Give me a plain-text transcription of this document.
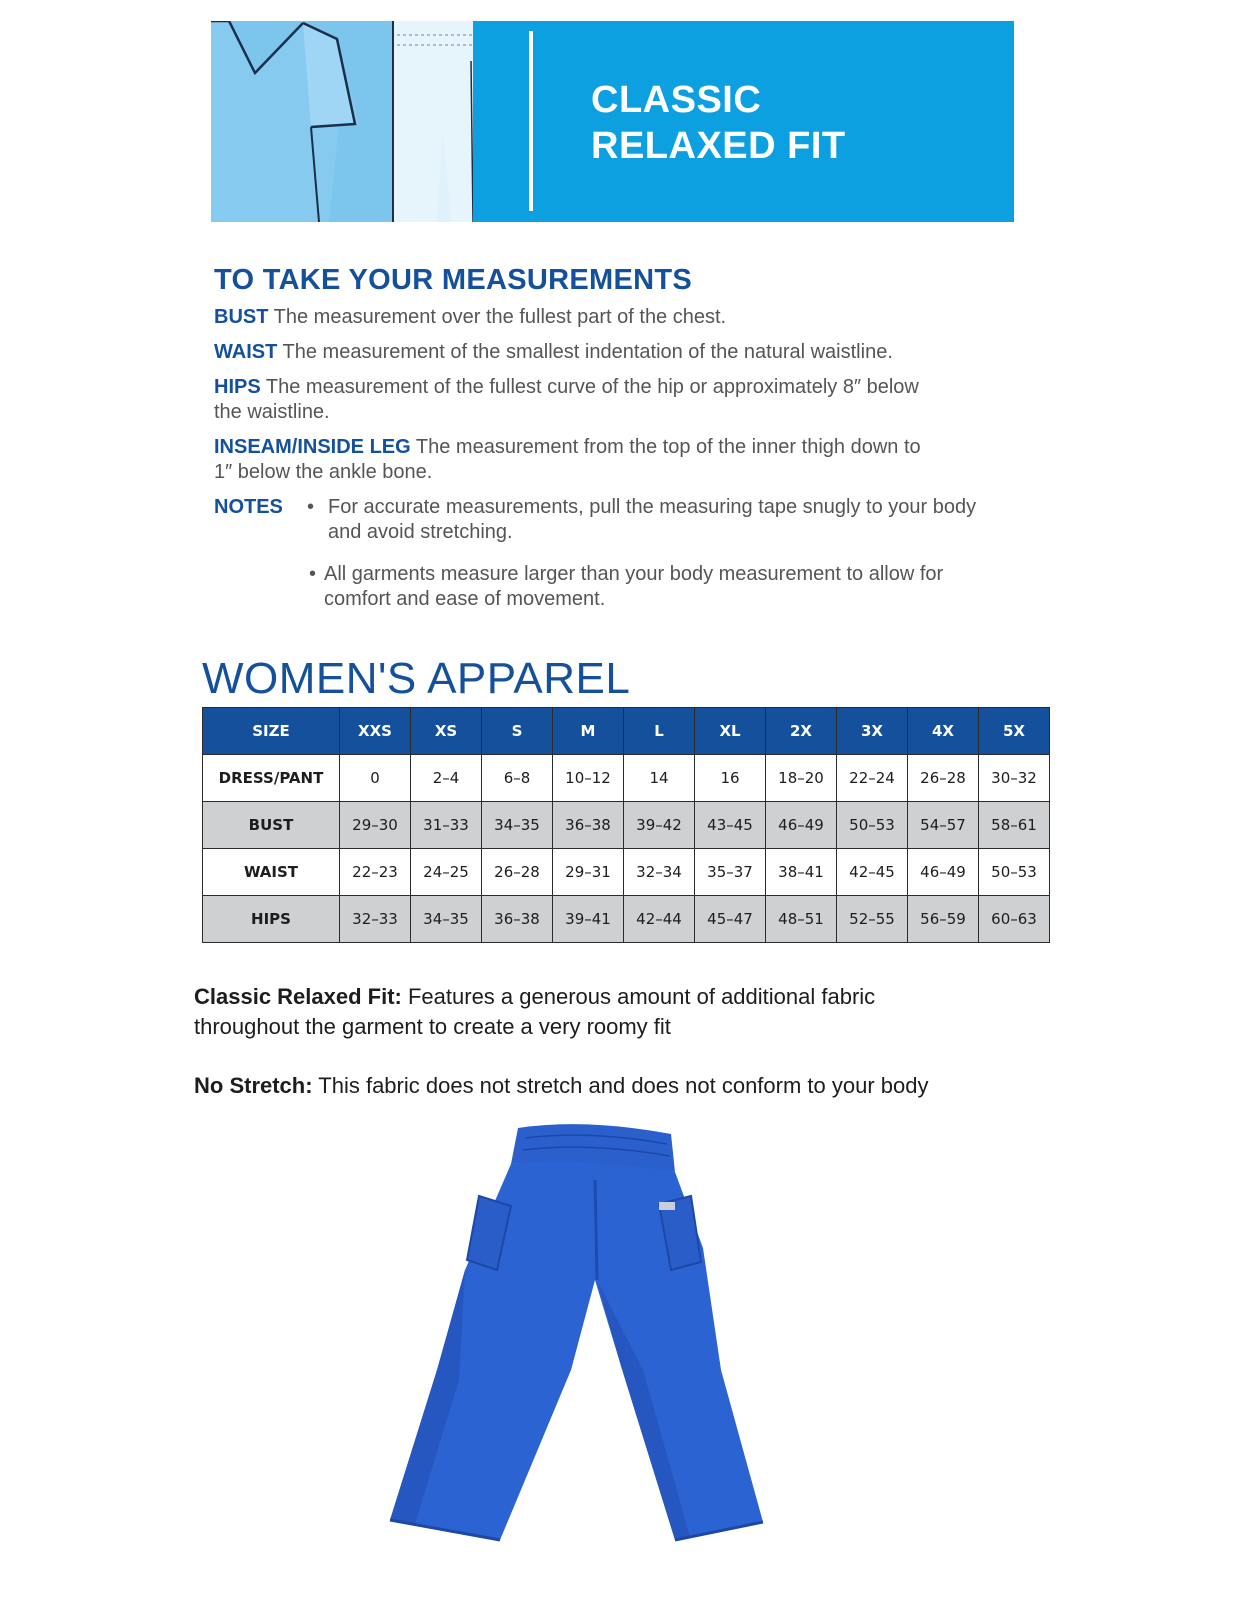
CLASSIC
RELAXED FIT
TO TAKE YOUR MEASUREMENTS
BUST The measurement over the fullest part of the chest.
WAIST The measurement of the smallest indentation of the natural waistline.
HIPS The measurement of the fullest curve of the hip or approximately 8″ below the waistline.
INSEAM/INSIDE LEG The measurement from the top of the inner thigh down to 1″ below the ankle bone.
NOTES • For accurate measurements, pull the measuring tape snugly to your body and avoid stretching.
• All garments measure larger than your body measurement to allow for comfort and ease of movement.
WOMEN'S APPAREL
SIZE	XXS	XS	S	M	L	XL	2X	3X	4X	5X
DRESS/PANT	0	2–4	6–8	10–12	14	16	18–20	22–24	26–28	30–32
BUST	29–30	31–33	34–35	36–38	39–42	43–45	46–49	50–53	54–57	58–61
WAIST	22–23	24–25	26–28	29–31	32–34	35–37	38–41	42–45	46–49	50–53
HIPS	32–33	34–35	36–38	39–41	42–44	45–47	48–51	52–55	56–59	60–63
Classic Relaxed Fit: Features a generous amount of additional fabric throughout the garment to create a very roomy fit
No Stretch: This fabric does not stretch and does not conform to your body
